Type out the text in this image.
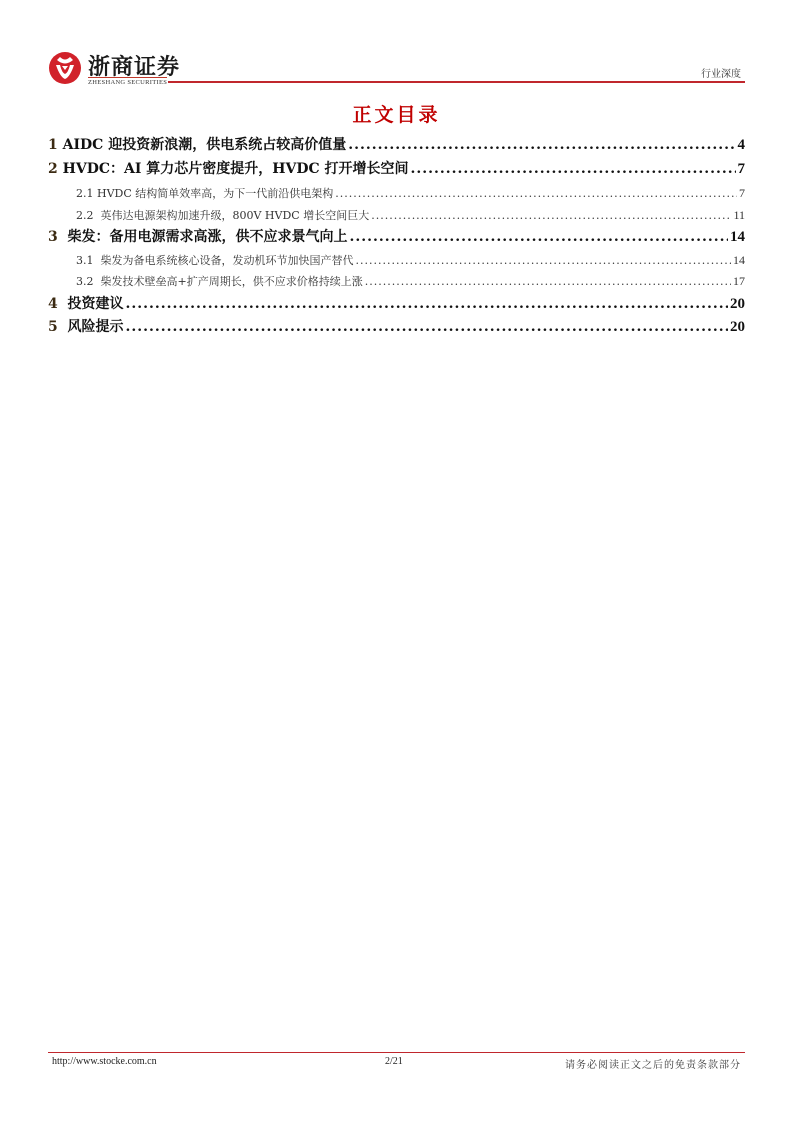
浙商证券
ZHESHANG SECURITIES
行业深度
正文目录
1 AIDC 迎投资新浪潮，供电系统占较高价值量 .....	4
2 HVDC：AI 算力芯片密度提升，HVDC 打开增长空间 .....	7
2.1 HVDC 结构简单效率高，为下一代前沿供电架构 .....	7
2.2 英伟达电源架构加速升级，800V HVDC 增长空间巨大 .....	11
3 柴发：备用电源需求高涨，供不应求景气向上 .....	14
3.1 柴发为备电系统核心设备，发动机环节加快国产替代 .....	14
3.2 柴发技术壁垒高+扩产周期长，供不应求价格持续上涨 .....	17
4 投资建议 .....	20
5 风险提示 .....	20
http://www.stocke.com.cn	2/21	请务必阅读正文之后的免责条款部分
